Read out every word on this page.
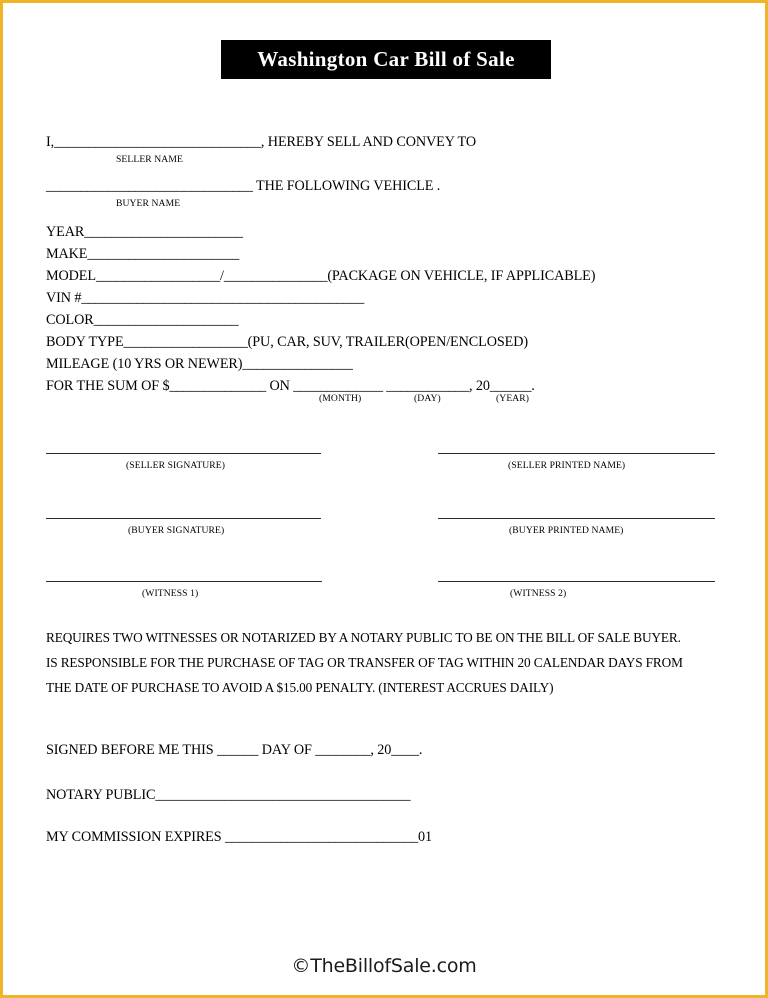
Washington Car Bill of Sale
I,______________________________, HEREBY SELL AND CONVEY TO
SELLER NAME
______________________________ THE FOLLOWING VEHICLE .
BUYER NAME
YEAR_______________________
MAKE______________________
MODEL__________________/_______________(PACKAGE ON VEHICLE, IF APPLICABLE)
VIN #_________________________________________
COLOR_____________________
BODY TYPE__________________(PU, CAR, SUV, TRAILER(OPEN/ENCLOSED)
MILEAGE (10 YRS OR NEWER)________________
FOR THE SUM OF $______________ ON _____________ ____________, 20______.
(MONTH)	(DAY)	(YEAR)
(SELLER SIGNATURE)	(SELLER PRINTED NAME)
(BUYER SIGNATURE)	(BUYER PRINTED NAME)
(WITNESS 1)	(WITNESS 2)
REQUIRES TWO WITNESSES OR NOTARIZED BY A NOTARY PUBLIC TO BE ON THE BILL OF SALE BUYER.
IS RESPONSIBLE FOR THE PURCHASE OF TAG OR TRANSFER OF TAG WITHIN 20 CALENDAR DAYS FROM
THE DATE OF PURCHASE TO AVOID A $15.00 PENALTY. (INTEREST ACCRUES DAILY)
SIGNED BEFORE ME THIS ______ DAY OF ________, 20____.
NOTARY PUBLIC_____________________________________
MY COMMISSION EXPIRES ____________________________01
©TheBillofSale.com
